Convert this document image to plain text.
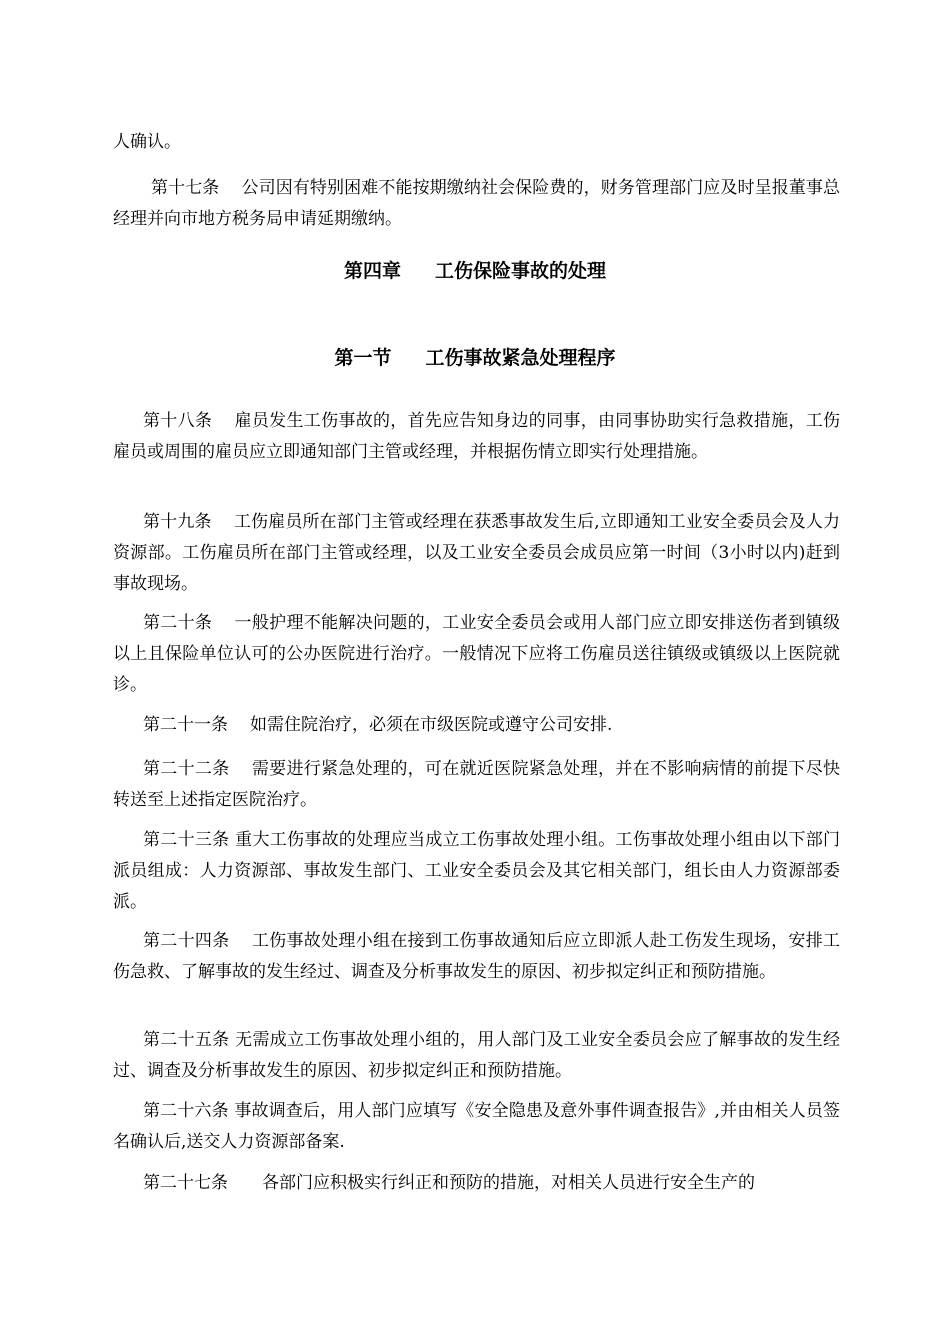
人确认。

第十七条 公司因有特别困难不能按期缴纳社会保险费的，财务管理部门应及时呈报董事总经理并向市地方税务局申请延期缴纳。

第四章 工伤保险事故的处理
第一节 工伤事故紧急处理程序

第十八条 雇员发生工伤事故的，首先应告知身边的同事，由同事协助实行急救措施，工伤雇员或周围的雇员应立即通知部门主管或经理，并根据伤情立即实行处理措施。

第十九条 工伤雇员所在部门主管或经理在获悉事故发生后,立即通知工业安全委员会及人力资源部。工伤雇员所在部门主管或经理，以及工业安全委员会成员应第一时间（3小时以内)赶到事故现场。

第二十条 一般护理不能解决问题的，工业安全委员会或用人部门应立即安排送伤者到镇级以上且保险单位认可的公办医院进行治疗。一般情况下应将工伤雇员送往镇级或镇级以上医院就诊。

第二十一条 如需住院治疗，必须在市级医院或遵守公司安排.

第二十二条 需要进行紧急处理的，可在就近医院紧急处理，并在不影响病情的前提下尽快转送至上述指定医院治疗。

第二十三条 重大工伤事故的处理应当成立工伤事故处理小组。工伤事故处理小组由以下部门派员组成：人力资源部、事故发生部门、工业安全委员会及其它相关部门，组长由人力资源部委派。

第二十四条 工伤事故处理小组在接到工伤事故通知后应立即派人赴工伤发生现场，安排工伤急救、了解事故的发生经过、调查及分析事故发生的原因、初步拟定纠正和预防措施。

第二十五条 无需成立工伤事故处理小组的，用人部门及工业安全委员会应了解事故的发生经过、调查及分析事故发生的原因、初步拟定纠正和预防措施。

第二十六条 事故调查后，用人部门应填写《安全隐患及意外事件调查报告》,并由相关人员签名确认后,送交人力资源部备案.

第二十七条 各部门应积极实行纠正和预防的措施，对相关人员进行安全生产的
